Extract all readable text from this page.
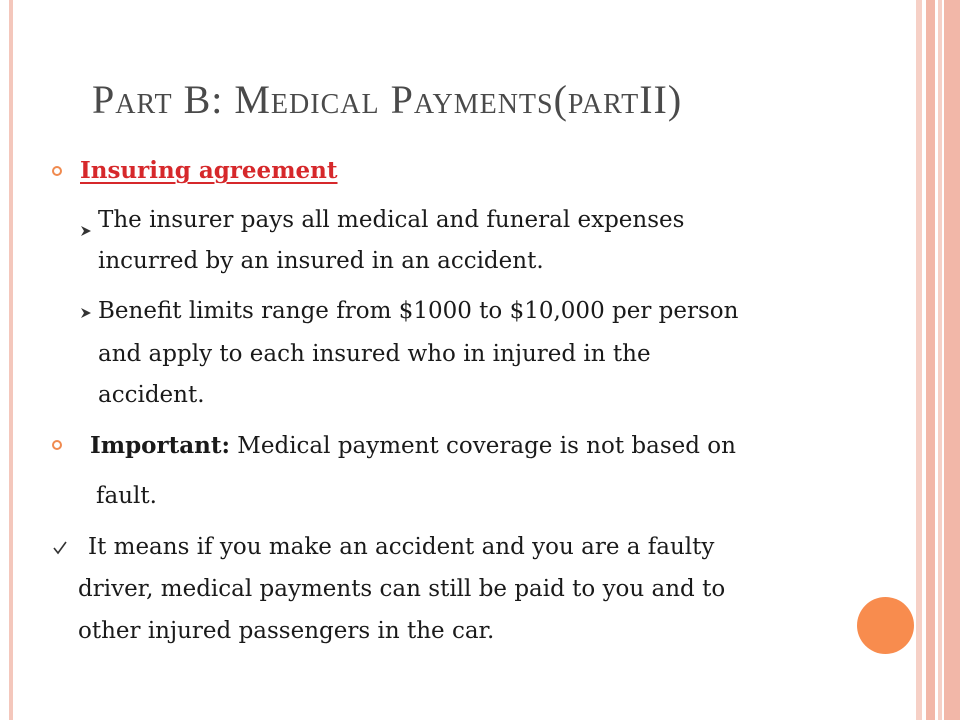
Part B: Medical Payments(partII)
Insuring agreement
The insurer pays all medical and funeral expenses
incurred by an insured in an accident.
Benefit limits range from $1000 to $10,000 per person
and apply to each insured who in injured in the
accident.
Important: Medical payment coverage is not based on
fault.
It means if you make an accident and you are a faulty
driver, medical payments can still be paid to you and to
other injured passengers in the car.
